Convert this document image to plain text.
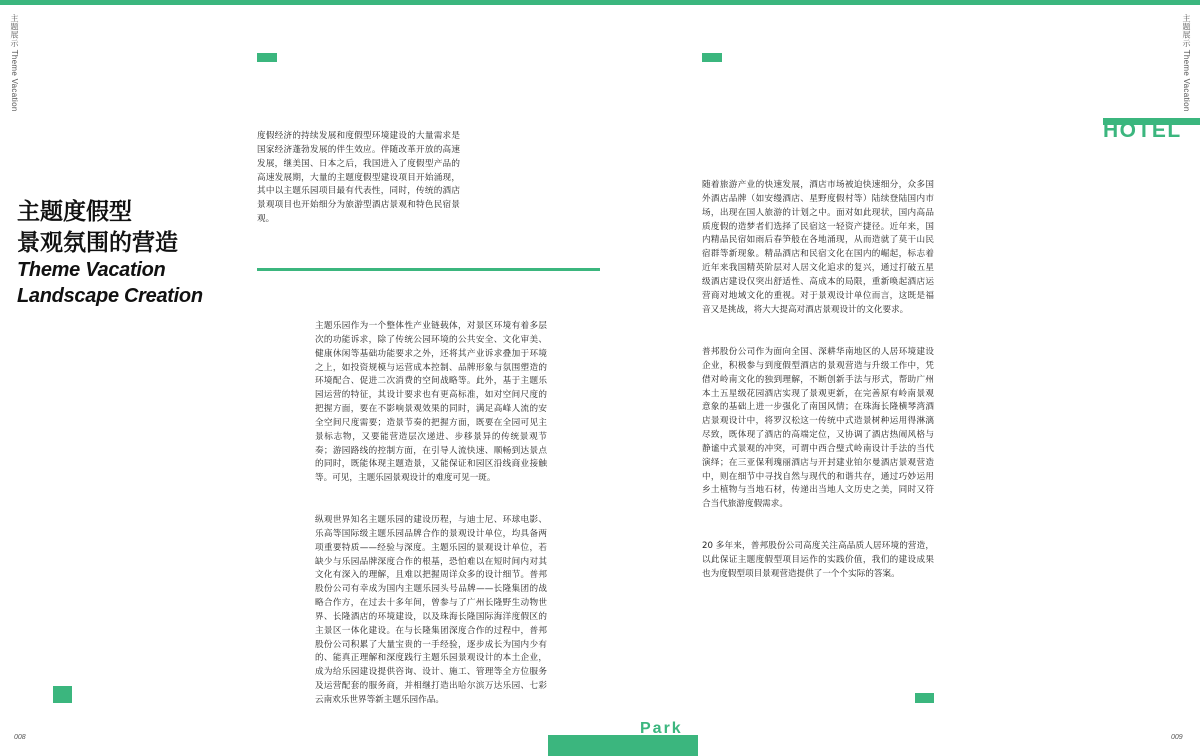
主题展示 Theme Vacation	主题展示 Theme Vacation
主题度假型
景观氛围的营造
Theme Vacation
Landscape Creation

度假经济的持续发展和度假型环境建设的大量需求是国家经济蓬勃发展的伴生效应。伴随改革开放的高速发展，继美国、日本之后，我国进入了度假型产品的高速发展期，大量的主题度假型建设项目开始涌现，其中以主题乐园项目最有代表性，同时，传统的酒店景观项目也开始细分为旅游型酒店景观和特色民宿景观。

主题乐园作为一个整体性产业链载体，对景区环境有着多层次的功能诉求，除了传统公园环境的公共安全、文化审美、健康休闲等基础功能要求之外，还将其产业诉求叠加于环境之上，如投资规模与运营成本控制、品牌形象与氛围塑造的环境配合、促进二次消费的空间战略等。此外，基于主题乐园运营的特征，其设计要求也有更高标准，如对空间尺度的把握方面，要在不影响景观效果的同时，满足高峰人流的安全空间尺度需要；造景节奏的把握方面，既要在全园可见主景标志物，又要能营造层次递进、步移景异的传统景观节奏；游园路线的控制方面，在引导人流快速、顺畅到达景点的同时，既能体现主题造景，又能保证和园区沿线商业接触等。可见，主题乐园景观设计的难度可见一斑。

纵观世界知名主题乐园的建设历程，与迪士尼、环球电影、乐高等国际级主题乐园品牌合作的景观设计单位，均具备两项重要特质——经验与深度。主题乐园的景观设计单位，若缺少与乐园品牌深度合作的根基，恐怕难以在短时间内对其文化有深入的理解，且难以把握周详众多的设计细节。普邦股份公司有幸成为国内主题乐园头号品牌——长隆集团的战略合作方，在过去十多年间，曾参与了广州长隆野生动物世界、长隆酒店的环境建设，以及珠海长隆国际海洋度假区的主景区一体化建设。在与长隆集团深度合作的过程中，普邦股份公司积累了大量宝贵的一手经验，逐步成长为国内少有的、能真正理解和深度践行主题乐园景观设计的本土企业，成为给乐园建设提供咨询、设计、施工、管理等全方位服务及运营配套的服务商，并相继打造出哈尔滨万达乐园、七彩云南欢乐世界等新主题乐园作品。

随着旅游产业的快速发展，酒店市场被迫快速细分，众多国外酒店品牌（如安缦酒店、星野度假村等）陆续登陆国内市场，出现在国人旅游的计划之中。面对如此现状，国内高品质度假的造梦者们选择了民宿这一轻资产捷径。近年来，国内精品民宿如雨后春笋般在各地涌现，从而造就了莫干山民宿群等新现象。精品酒店和民宿文化在国内的崛起，标志着近年来我国精英阶层对人居文化追求的复兴，通过打破五星级酒店建设仅突出舒适性、高成本的局限，重新唤起酒店运营商对地域文化的重视。对于景观设计单位而言，这既是福音又是挑战，将大大提高对酒店景观设计的文化要求。

普邦股份公司作为面向全国、深耕华南地区的人居环境建设企业，积极参与到度假型酒店的景观营造与升级工作中，凭借对岭南文化的独到理解，不断创新手法与形式，帮助广州本土五星级花园酒店实现了景观更新，在完善原有岭南景观意象的基础上进一步强化了南国风情；在珠海长隆横琴湾酒店景观设计中，将罗汉松这一传统中式造景树种运用得淋漓尽致，既体现了酒店的高端定位，又协调了酒店热闹风格与静谧中式景观的冲突，可谓中西合璧式岭南设计手法的当代演绎；在三亚保利瑰丽酒店与开封建业铂尔曼酒店景观营造中，则在细节中寻找自然与现代的和谐共存，通过巧妙运用乡土植物与当地石材，传递出当地人文历史之美，同时又符合当代旅游度假需求。

20 多年来，普邦股份公司高度关注高品质人居环境的营造，以此保证主题度假型项目运作的实践价值，我们的建设成果也为度假型项目景观营造提供了一个个实际的答案。

HOTEL
Park
008	009
